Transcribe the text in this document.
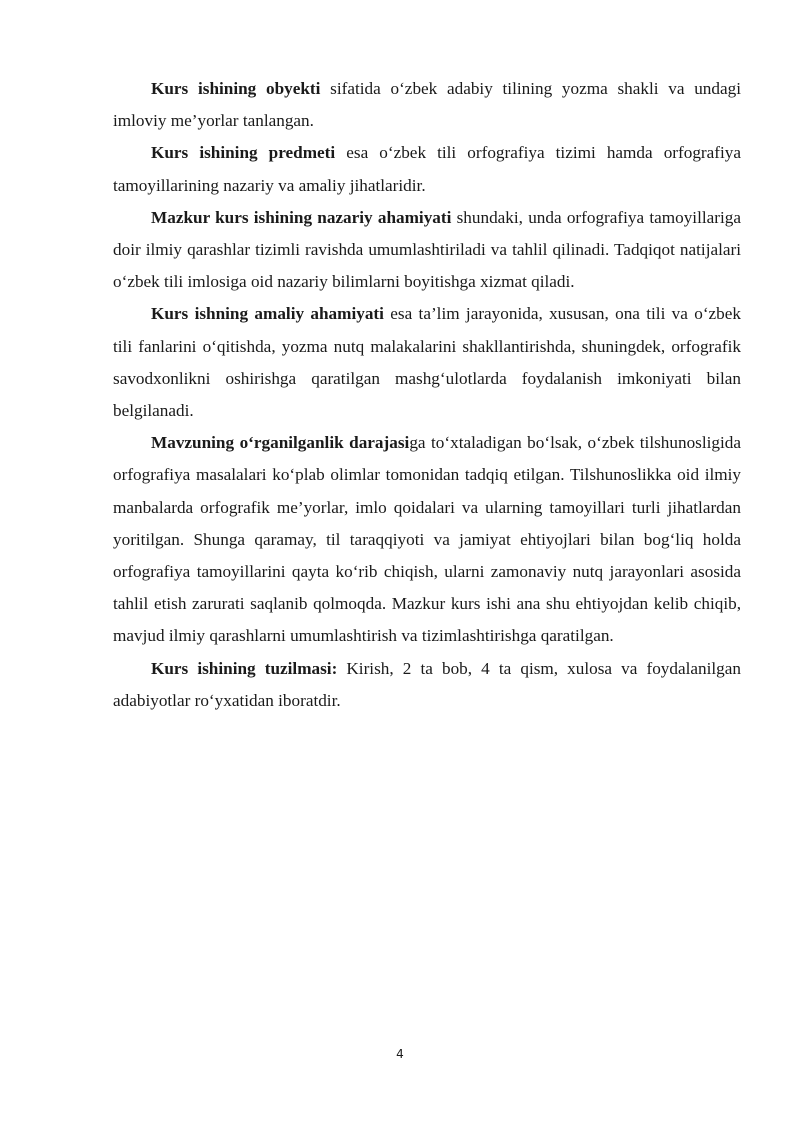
Kurs ishining obyekti sifatida o‘zbek adabiy tilining yozma shakli va undagi imloviy me’yorlar tanlangan.

Kurs ishining predmeti esa o‘zbek tili orfografiya tizimi hamda orfografiya tamoyillarining nazariy va amaliy jihatlaridir.

Mazkur kurs ishining nazariy ahamiyati shundaki, unda orfografiya tamoyillariga doir ilmiy qarashlar tizimli ravishda umumlashtiriladi va tahlil qilinadi. Tadqiqot natijalari o‘zbek tili imlosiga oid nazariy bilimlarni boyitishga xizmat qiladi.

Kurs ishning amaliy ahamiyati esa ta’lim jarayonida, xususan, ona tili va o‘zbek tili fanlarini o‘qitishda, yozma nutq malakalarini shakllantirishda, shuningdek, orfografik savodxonlikni oshirishga qaratilgan mashg‘ulotlarda foydalanish imkoniyati bilan belgilanadi.

Mavzuning o‘rganilganlik darajasiga to‘xtaladigan bo‘lsak, o‘zbek tilshunosligida orfografiya masalalari ko‘plab olimlar tomonidan tadqiq etilgan. Tilshunoslikka oid ilmiy manbalarda orfografik me’yorlar, imlo qoidalari va ularning tamoyillari turli jihatlardan yoritilgan. Shunga qaramay, til taraqqiyoti va jamiyat ehtiyojlari bilan bog‘liq holda orfografiya tamoyillarini qayta ko‘rib chiqish, ularni zamonaviy nutq jarayonlari asosida tahlil etish zarurati saqlanib qolmoqda. Mazkur kurs ishi ana shu ehtiyojdan kelib chiqib, mavjud ilmiy qarashlarni umumlashtirish va tizimlashtirishga qaratilgan.

Kurs ishining tuzilmasi: Kirish, 2 ta bob, 4 ta qism, xulosa va foydalanilgan adabiyotlar ro‘yxatidan iboratdir.

4
